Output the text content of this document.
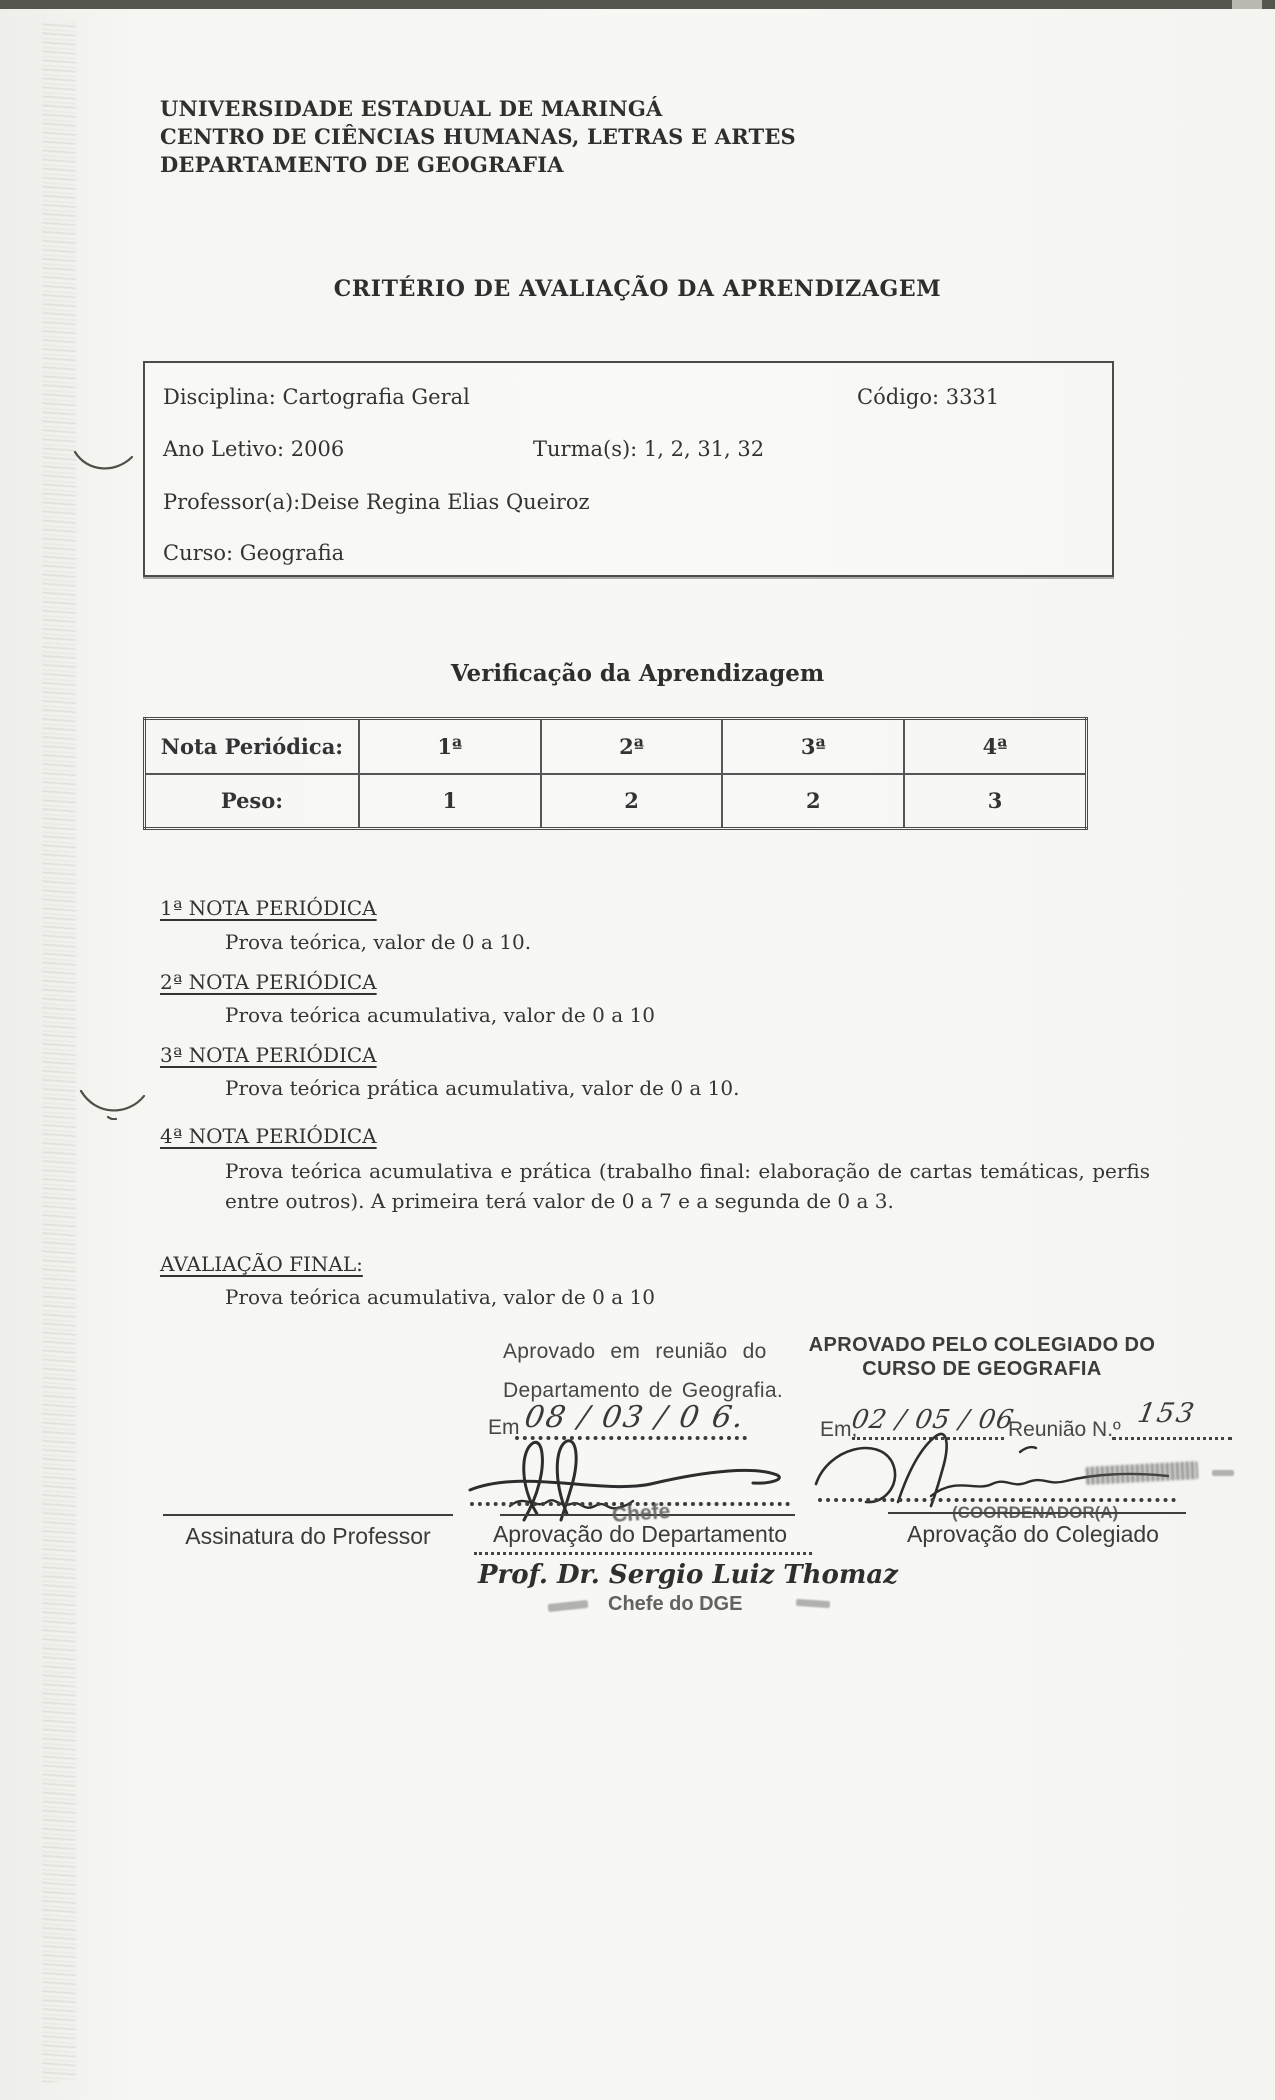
UNIVERSIDADE ESTADUAL DE MARINGÁ
CENTRO DE CIÊNCIAS HUMANAS, LETRAS E ARTES
DEPARTAMENTO DE GEOGRAFIA
CRITÉRIO DE AVALIAÇÃO DA APRENDIZAGEM
Disciplina: Cartografia Geral	Código: 3331
Ano Letivo: 2006	Turma(s): 1, 2, 31, 32
Professor(a):Deise Regina Elias Queiroz
Curso: Geografia
Verificação da Aprendizagem
Nota Periódica:	1ª	2ª	3ª	4ª
Peso:	1	2	2	3
1ª NOTA PERIÓDICA
Prova teórica, valor de 0 a 10.
2ª NOTA PERIÓDICA
Prova teórica acumulativa, valor de 0 a 10
3ª NOTA PERIÓDICA
Prova teórica prática acumulativa, valor de 0 a 10.
4ª NOTA PERIÓDICA
Prova teórica acumulativa e prática (trabalho final: elaboração de cartas temáticas, perfis entre outros). A primeira terá valor de 0 a 7 e a segunda de 0 a 3.
AVALIAÇÃO FINAL:
Prova teórica acumulativa, valor de 0 a 10
Aprovado em reunião do
Departamento de Geografia.
Em 08 / 03 / 0 6.
APROVADO PELO COLEGIADO DO
CURSO DE GEOGRAFIA
Em,
02 / 05 / 06
Reunião N.º
153
Assinatura do Professor
Chefe
Aprovação do Departamento
Prof. Dr. Sergio Luiz Thomaz
Chefe do DGE
(COORDENADOR(A)
Aprovação do Colegiado
